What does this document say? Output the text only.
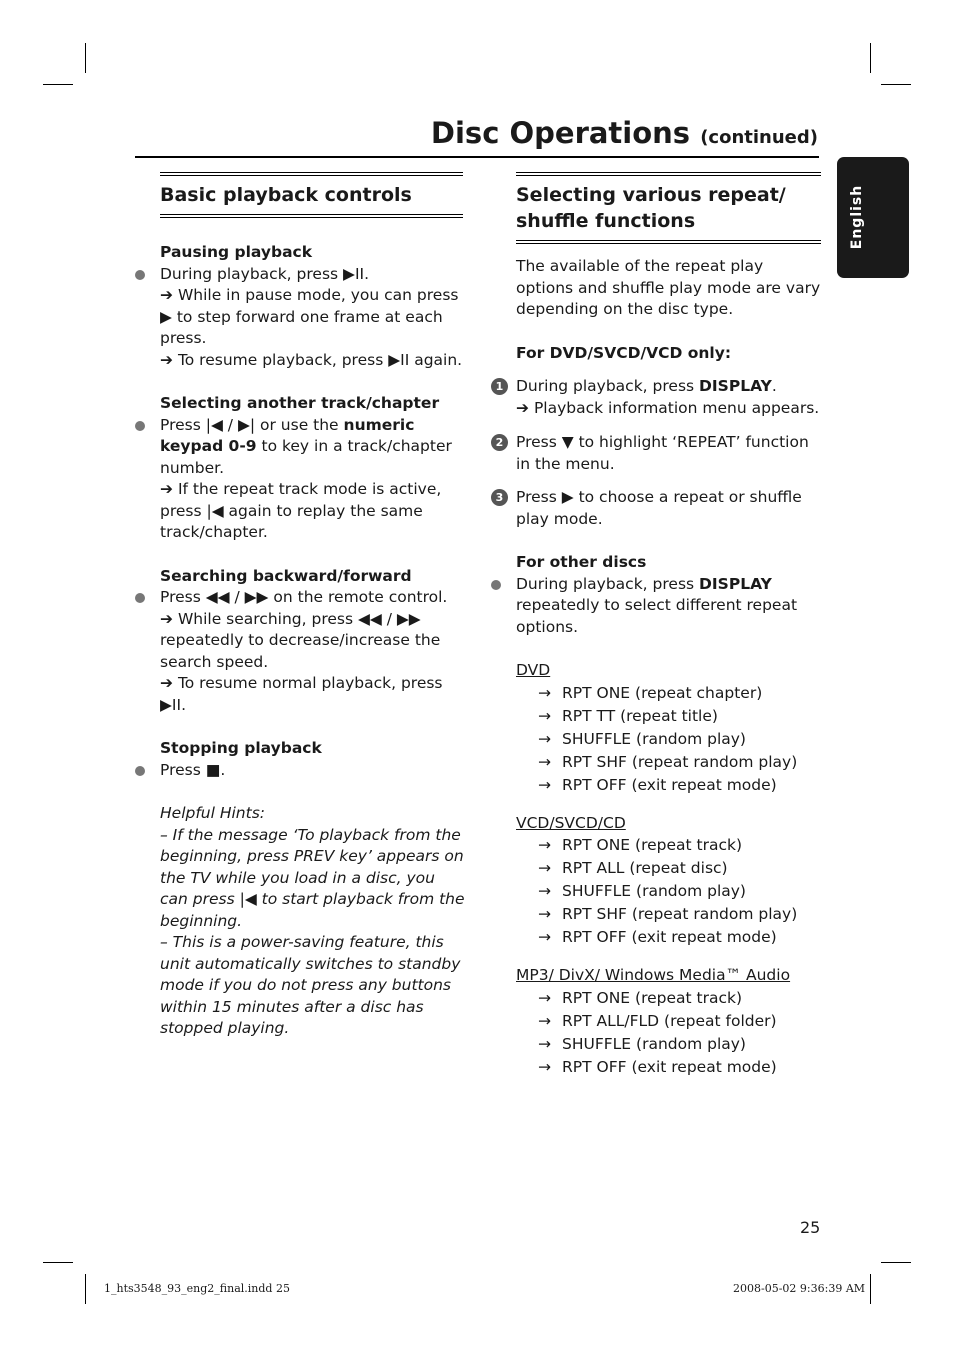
Disc Operations (continued)
English
Basic playback controls

Pausing playback

During playback, press ▶II.

➔ While in pause mode, you can press ▶ to step forward one frame at each press.

➔ To resume playback, press ▶II again.

Selecting another track/chapter

Press |◀ / ▶| or use the numeric keypad 0-9 to key in a track/chapter number.

➔ If the repeat track mode is active, press |◀ again to replay the same track/chapter.

Searching backward/forward

Press ◀◀ / ▶▶ on the remote control.

➔ While searching, press ◀◀ / ▶▶ repeatedly to decrease/increase the search speed.

➔ To resume normal playback, press ▶II.

Stopping playback

Press ■.

Helpful Hints:

– If the message ‘To playback from the beginning, press PREV key’ appears on the TV while you load in a disc, you can press |◀ to start playback from the beginning.

– This is a power-saving feature, this unit automatically switches to standby mode if you do not press any buttons within 15 minutes after a disc has stopped playing.

Selecting various repeat/
shuffle functions

The available of the repeat play options and shuffle play mode are vary depending on the disc type.

For DVD/SVCD/VCD only:

1 During playback, press DISPLAY.

➔ Playback information menu appears.

2 Press ▼ to highlight ‘REPEAT’ function in the menu.
3 Press ▶ to choose a repeat or shuffle play mode.

For other discs

During playback, press DISPLAY repeatedly to select different repeat options.

DVD

→ RPT ONE (repeat chapter)
→ RPT TT (repeat title)
→ SHUFFLE (random play)
→ RPT SHF (repeat random play)
→ RPT OFF (exit repeat mode)

VCD/SVCD/CD

→ RPT ONE (repeat track)
→ RPT ALL (repeat disc)
→ SHUFFLE (random play)
→ RPT SHF (repeat random play)
→ RPT OFF (exit repeat mode)

MP3/ DivX/ Windows Media™ Audio

→ RPT ONE (repeat track)
→ RPT ALL/FLD (repeat folder)
→ SHUFFLE (random play)
→ RPT OFF (exit repeat mode)
25
1_hts3548_93_eng2_final.indd 25	2008-05-02 9:36:39 AM
